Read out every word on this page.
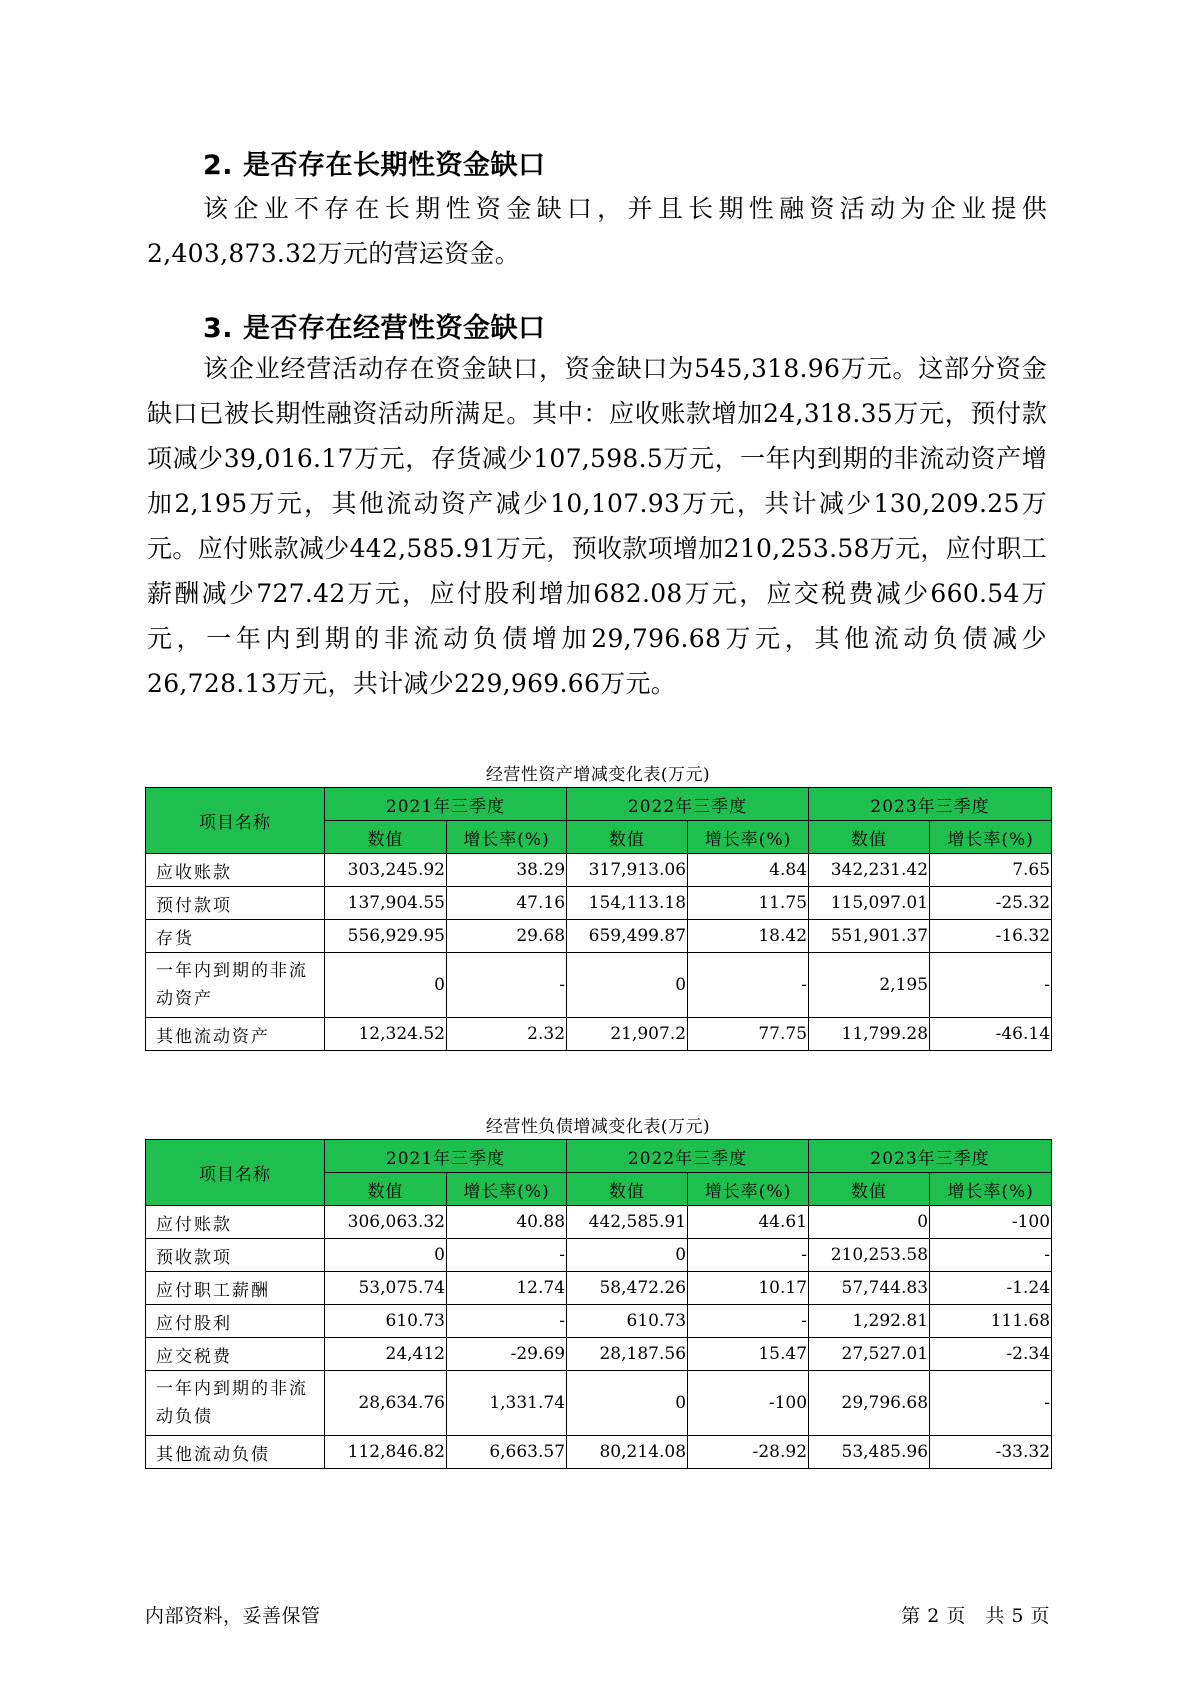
2. 是否存在长期性资金缺口

该企业不存在长期性资金缺口，并且长期性融资活动为企业提供2,403,873.32万元的营运资金。

3. 是否存在经营性资金缺口

该企业经营活动存在资金缺口，资金缺口为545,318.96万元。这部分资金缺口已被长期性融资活动所满足。其中：应收账款增加24,318.35万元，预付款项减少39,016.17万元，存货减少107,598.5万元，一年内到期的非流动资产增加2,195万元，其他流动资产减少10,107.93万元，共计减少130,209.25万元。应付账款减少442,585.91万元，预收款项增加210,253.58万元，应付职工薪酬减少727.42万元，应付股利增加682.08万元，应交税费减少660.54万元，一年内到期的非流动负债增加29,796.68万元，其他流动负债减少26,728.13万元，共计减少229,969.66万元。

经营性资产增减变化表(万元)
项目名称	2021年三季度		2022年三季度		2023年三季度	
	数值	增长率(%)	数值	增长率(%)	数值	增长率(%)
应收账款	303,245.92	38.29	317,913.06	4.84	342,231.42	7.65
预付款项	137,904.55	47.16	154,113.18	11.75	115,097.01	-25.32
存货	556,929.95	29.68	659,499.87	18.42	551,901.37	-16.32
一年内到期的非流动资产	0	-	0	-	2,195	-
其他流动资产	12,324.52	2.32	21,907.2	77.75	11,799.28	-46.14
经营性负债增减变化表(万元)
项目名称	2021年三季度		2022年三季度		2023年三季度	
	数值	增长率(%)	数值	增长率(%)	数值	增长率(%)
应付账款	306,063.32	40.88	442,585.91	44.61	0	-100
预收款项	0	-	0	-	210,253.58	-
应付职工薪酬	53,075.74	12.74	58,472.26	10.17	57,744.83	-1.24
应付股利	610.73	-	610.73	-	1,292.81	111.68
应交税费	24,412	-29.69	28,187.56	15.47	27,527.01	-2.34
一年内到期的非流动负债	28,634.76	1,331.74	0	-100	29,796.68	-
其他流动负债	112,846.82	6,663.57	80,214.08	-28.92	53,485.96	-33.32
内部资料，妥善保管	第 2 页　共 5 页
